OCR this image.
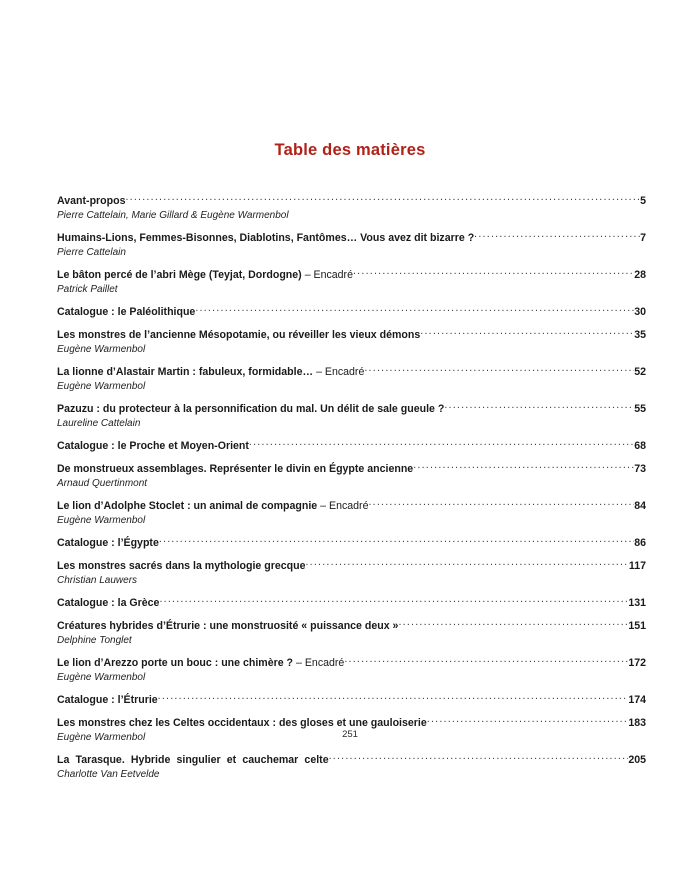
Table des matières
Avant-propos .....	5
Pierre Cattelain, Marie Gillard & Eugène Warmenbol
Humains-Lions, Femmes-Bisonnes, Diablotins, Fantômes… Vous avez dit bizarre ? .....	7
Pierre Cattelain
Le bâton percé de l’abri Mège (Teyjat, Dordogne) – Encadré .....	28
Patrick Paillet
Catalogue : le Paléolithique .....	30
Les monstres de l’ancienne Mésopotamie, ou réveiller les vieux démons .....	35
Eugène Warmenbol
La lionne d’Alastair Martin : fabuleux, formidable… – Encadré .....	52
Eugène Warmenbol
Pazuzu : du protecteur à la personnification du mal. Un délit de sale gueule ? .....	55
Laureline Cattelain
Catalogue : le Proche et Moyen-Orient .....	68
De monstrueux assemblages. Représenter le divin en Égypte ancienne .....	73
Arnaud Quertinmont
Le lion d’Adolphe Stoclet : un animal de compagnie – Encadré .....	84
Eugène Warmenbol
Catalogue : l’Égypte .....	86
Les monstres sacrés dans la mythologie grecque .....	117
Christian Lauwers
Catalogue : la Grèce .....	131
Créatures hybrides d’Étrurie : une monstruosité « puissance deux » .....	151
Delphine Tonglet
Le lion d’Arezzo porte un bouc : une chimère ? – Encadré .....	172
Eugène Warmenbol
Catalogue : l’Étrurie .....	174
Les monstres chez les Celtes occidentaux : des gloses et une gauloiserie .....	183
Eugène Warmenbol
La Tarasque. Hybride singulier et cauchemar celte .....	205
Charlotte Van Eetvelde
251
